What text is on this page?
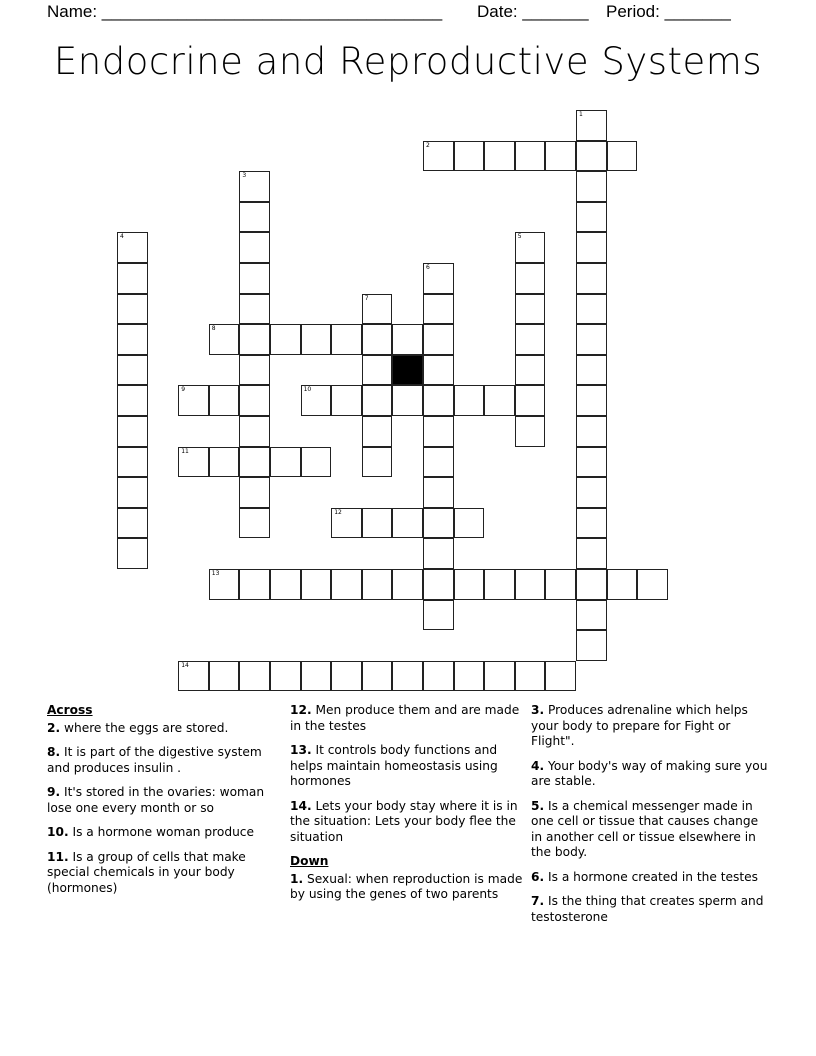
Name: ____________________________________ Date: _______ Period: _______
Endocrine and Reproductive Systems
1
2
3
4	5
6
7
8
9	10
11
12
13
14
Across
2. where the eggs are stored.
8. It is part of the digestive system and produces insulin .
9. It's stored in the ovaries: woman lose one every month or so
10. Is a hormone woman produce
11. Is a group of cells that make special chemicals in your body (hormones)
12. Men produce them and are made in the testes
13. It controls body functions and helps maintain homeostasis using hormones
14. Lets your body stay where it is in the situation: Lets your body flee the situation
Down
1. Sexual: when reproduction is made by using the genes of two parents
3. Produces adrenaline which helps your body to prepare for Fight or Flight".
4. Your body's way of making sure you are stable.
5. Is a chemical messenger made in one cell or tissue that causes change in another cell or tissue elsewhere in the body.
6. Is a hormone created in the testes
7. Is the thing that creates sperm and testosterone
